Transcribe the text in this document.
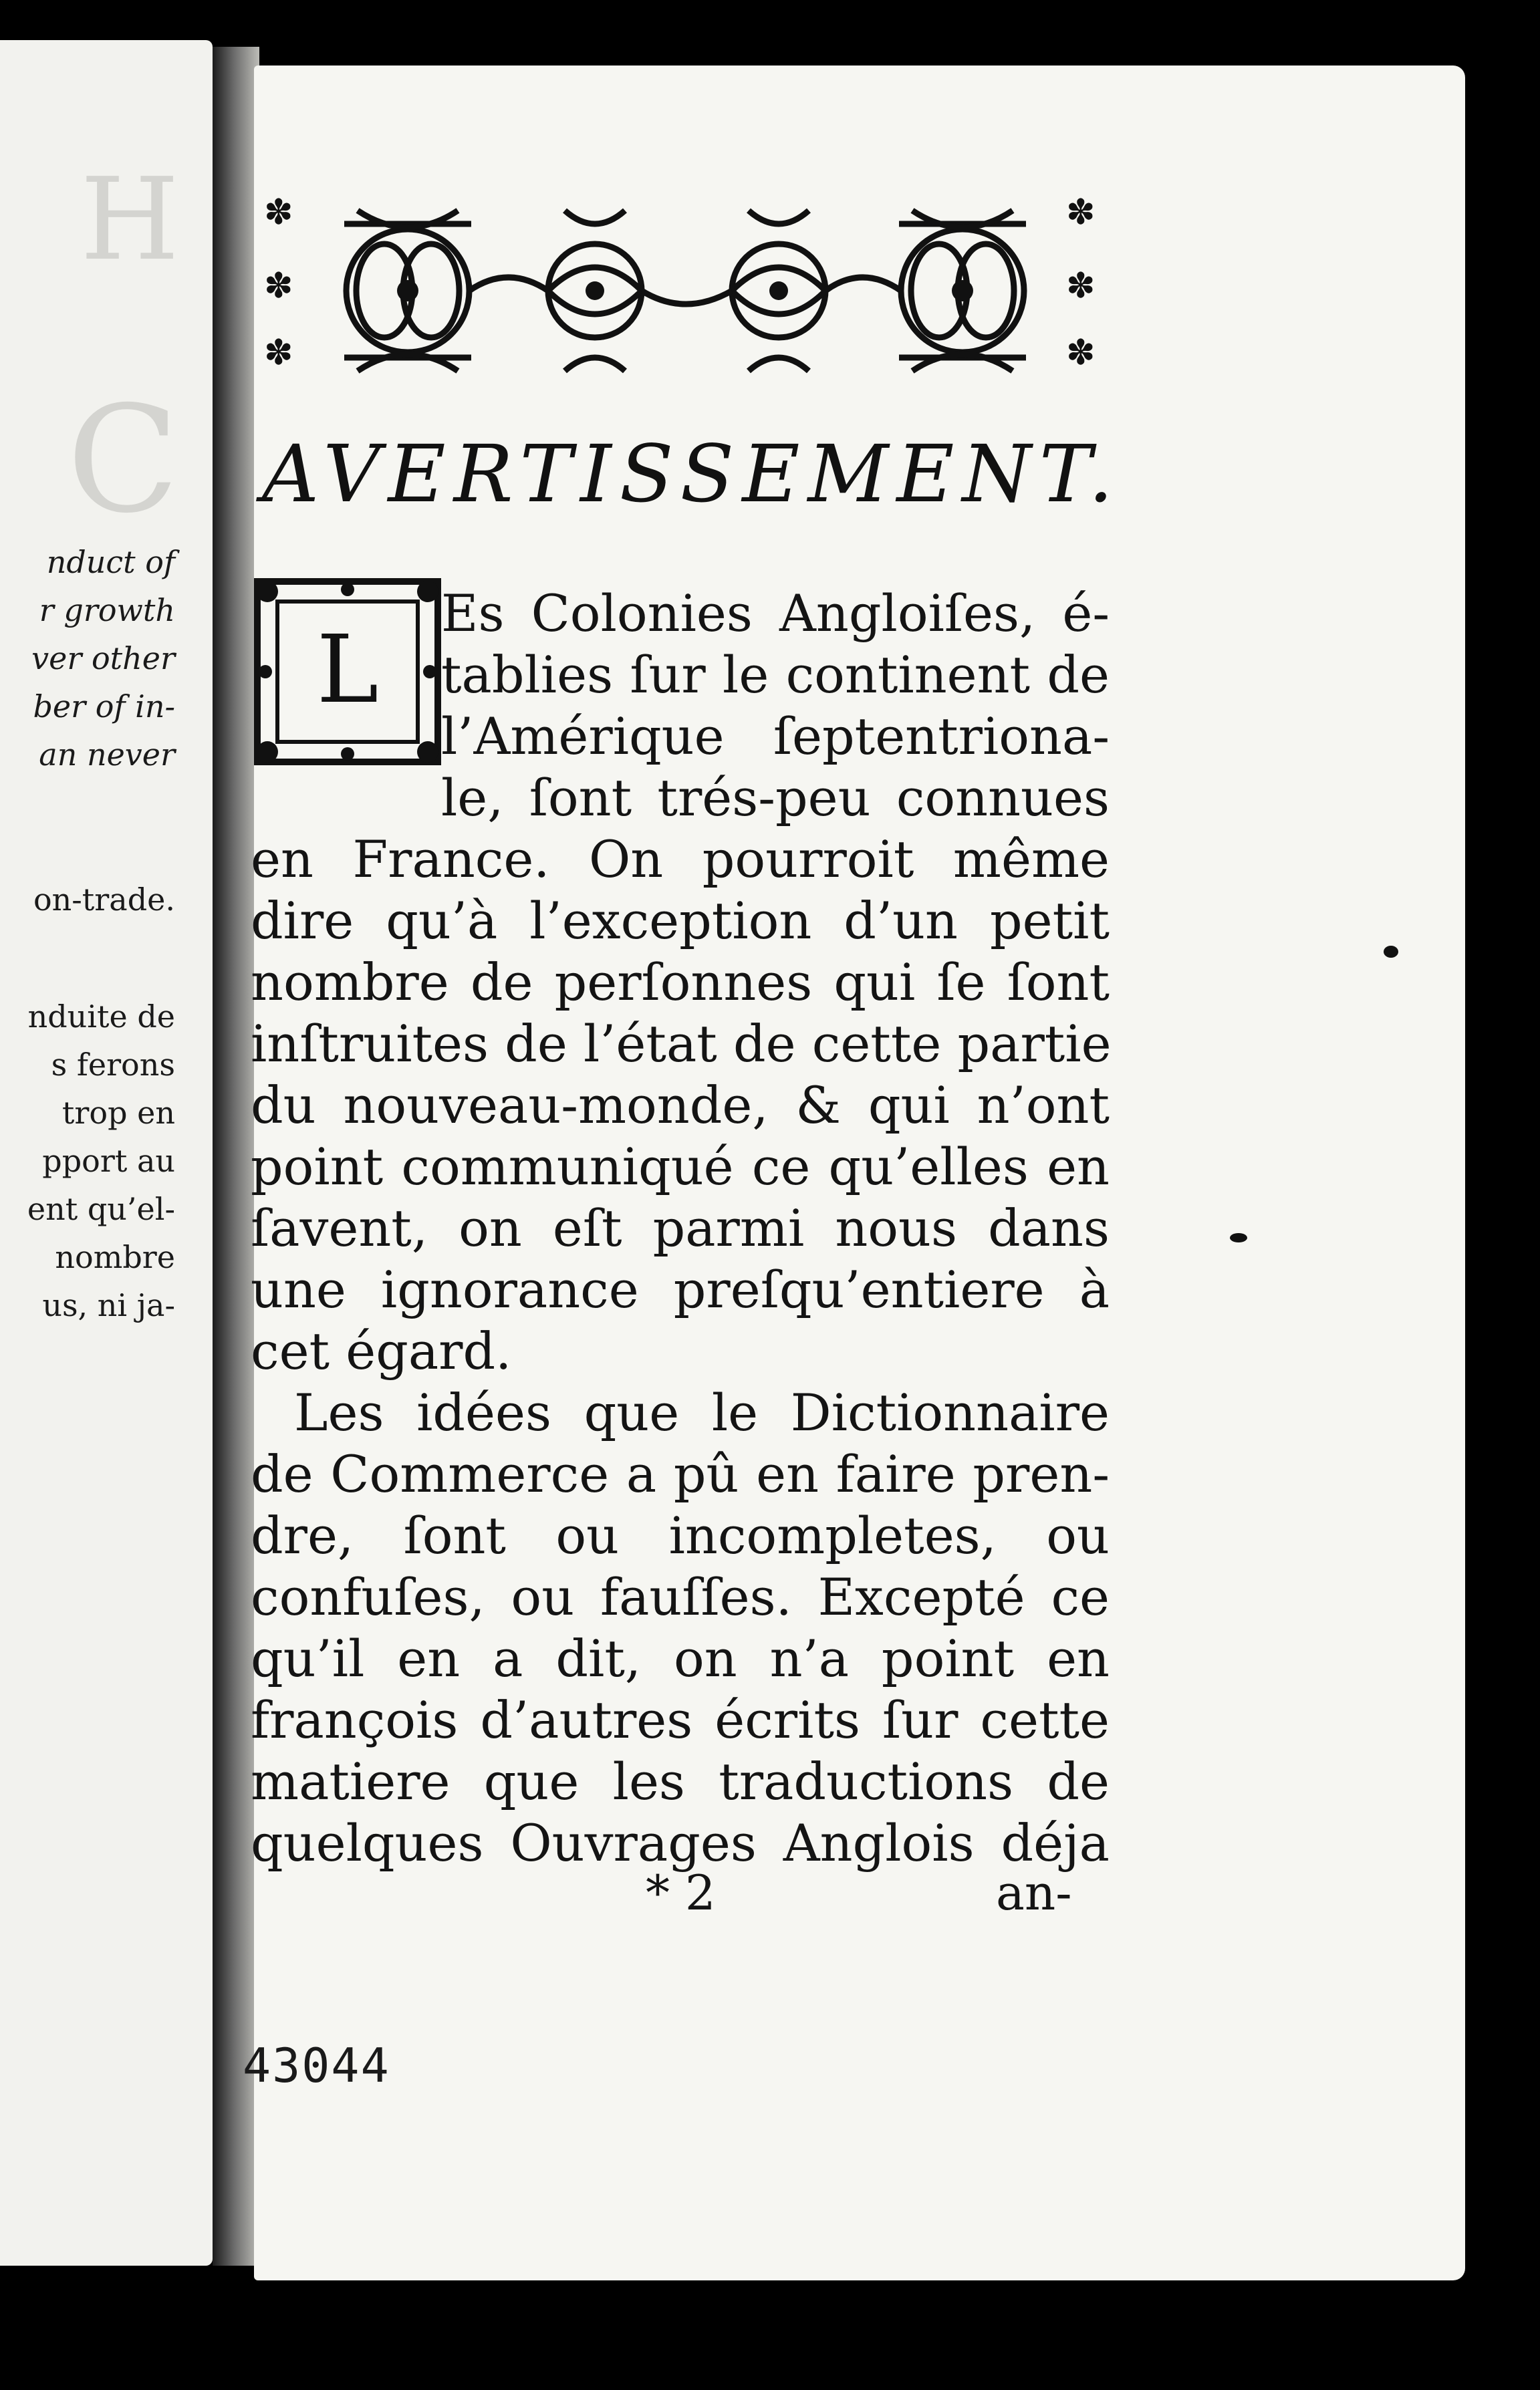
H
C
nduct of
r growth
ver other
ber of in-
an never
on-trade.
nduite de
s ferons
trop en
pport au
ent qu’el-
nombre
us, ni ja-
✽
✽
✽
✽
✽
✽
AVERTISSEMENT.
L
Es Colonies Angloiſes, é-
tablies ſur le continent de
l’Amérique ſeptentriona-
le, ſont trés-peu connues
en France. On pourroit même
dire qu’à l’exception d’un petit
nombre de perſonnes qui ſe ſont
inſtruites de l’état de cette partie
du nouveau-monde, & qui n’ont
point communiqué ce qu’elles en
ſavent, on eſt parmi nous dans
une ignorance preſqu’entiere à
cet égard.
Les idées que le Dictionnaire
de Commerce a pû en faire pren-
dre, ſont ou incompletes, ou
confuſes, ou fauſſes. Excepté ce
qu’il en a dit, on n’a point en
françois d’autres écrits ſur cette
matiere que les traductions de
quelques Ouvrages Anglois déja
* 2	an-
43044
